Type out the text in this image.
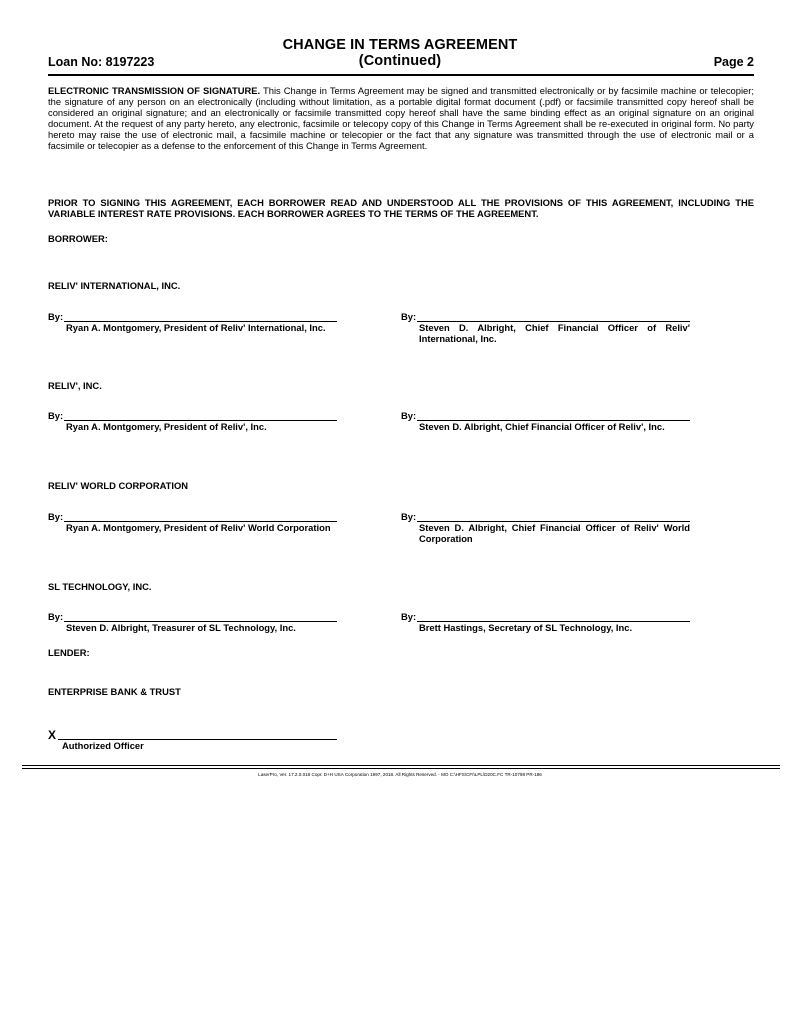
CHANGE IN TERMS AGREEMENT
(Continued)
Loan No: 8197223	Page 2
ELECTRONIC TRANSMISSION OF SIGNATURE. This Change in Terms Agreement may be signed and transmitted electronically or by facsimile machine or telecopier; the signature of any person on an electronically (including without limitation, as a portable digital format document (.pdf) or facsimile transmitted copy hereof shall be considered an original signature; and an electronically or facsimile transmitted copy hereof shall have the same binding effect as an original signature on an original document. At the request of any party hereto, any electronic, facsimile or telecopy copy of this Change in Terms Agreement shall be re-executed in original form. No party hereto may raise the use of electronic mail, a facsimile machine or telecopier or the fact that any signature was transmitted through the use of electronic mail or a facsimile or telecopier as a defense to the enforcement of this Change in Terms Agreement.
PRIOR TO SIGNING THIS AGREEMENT, EACH BORROWER READ AND UNDERSTOOD ALL THE PROVISIONS OF THIS AGREEMENT, INCLUDING THE VARIABLE INTEREST RATE PROVISIONS. EACH BORROWER AGREES TO THE TERMS OF THE AGREEMENT.
BORROWER:
RELIV' INTERNATIONAL, INC.
By:
Ryan A. Montgomery, President of Reliv' International, Inc.
By:
Steven D. Albright, Chief Financial Officer of Reliv' International, Inc.
RELIV', INC.
By:
Ryan A. Montgomery, President of Reliv', Inc.
By:
Steven D. Albright, Chief Financial Officer of Reliv', Inc.
RELIV' WORLD CORPORATION
By:
Ryan A. Montgomery, President of Reliv' World Corporation
By:
Steven D. Albright, Chief Financial Officer of Reliv' World Corporation
SL TECHNOLOGY, INC.
By:
Steven D. Albright, Treasurer of SL Technology, Inc.
By:
Brett Hastings, Secretary of SL Technology, Inc.
LENDER:
ENTERPRISE BANK & TRUST
X
Authorized Officer
LaserPro, Ver. 17.2.0.018 Copr. D+H USA Corporation 1997, 2018. All Rights Reserved. - MO C:\HFS\CFI\LPL\D20C.FC TR-10798 PR-186
